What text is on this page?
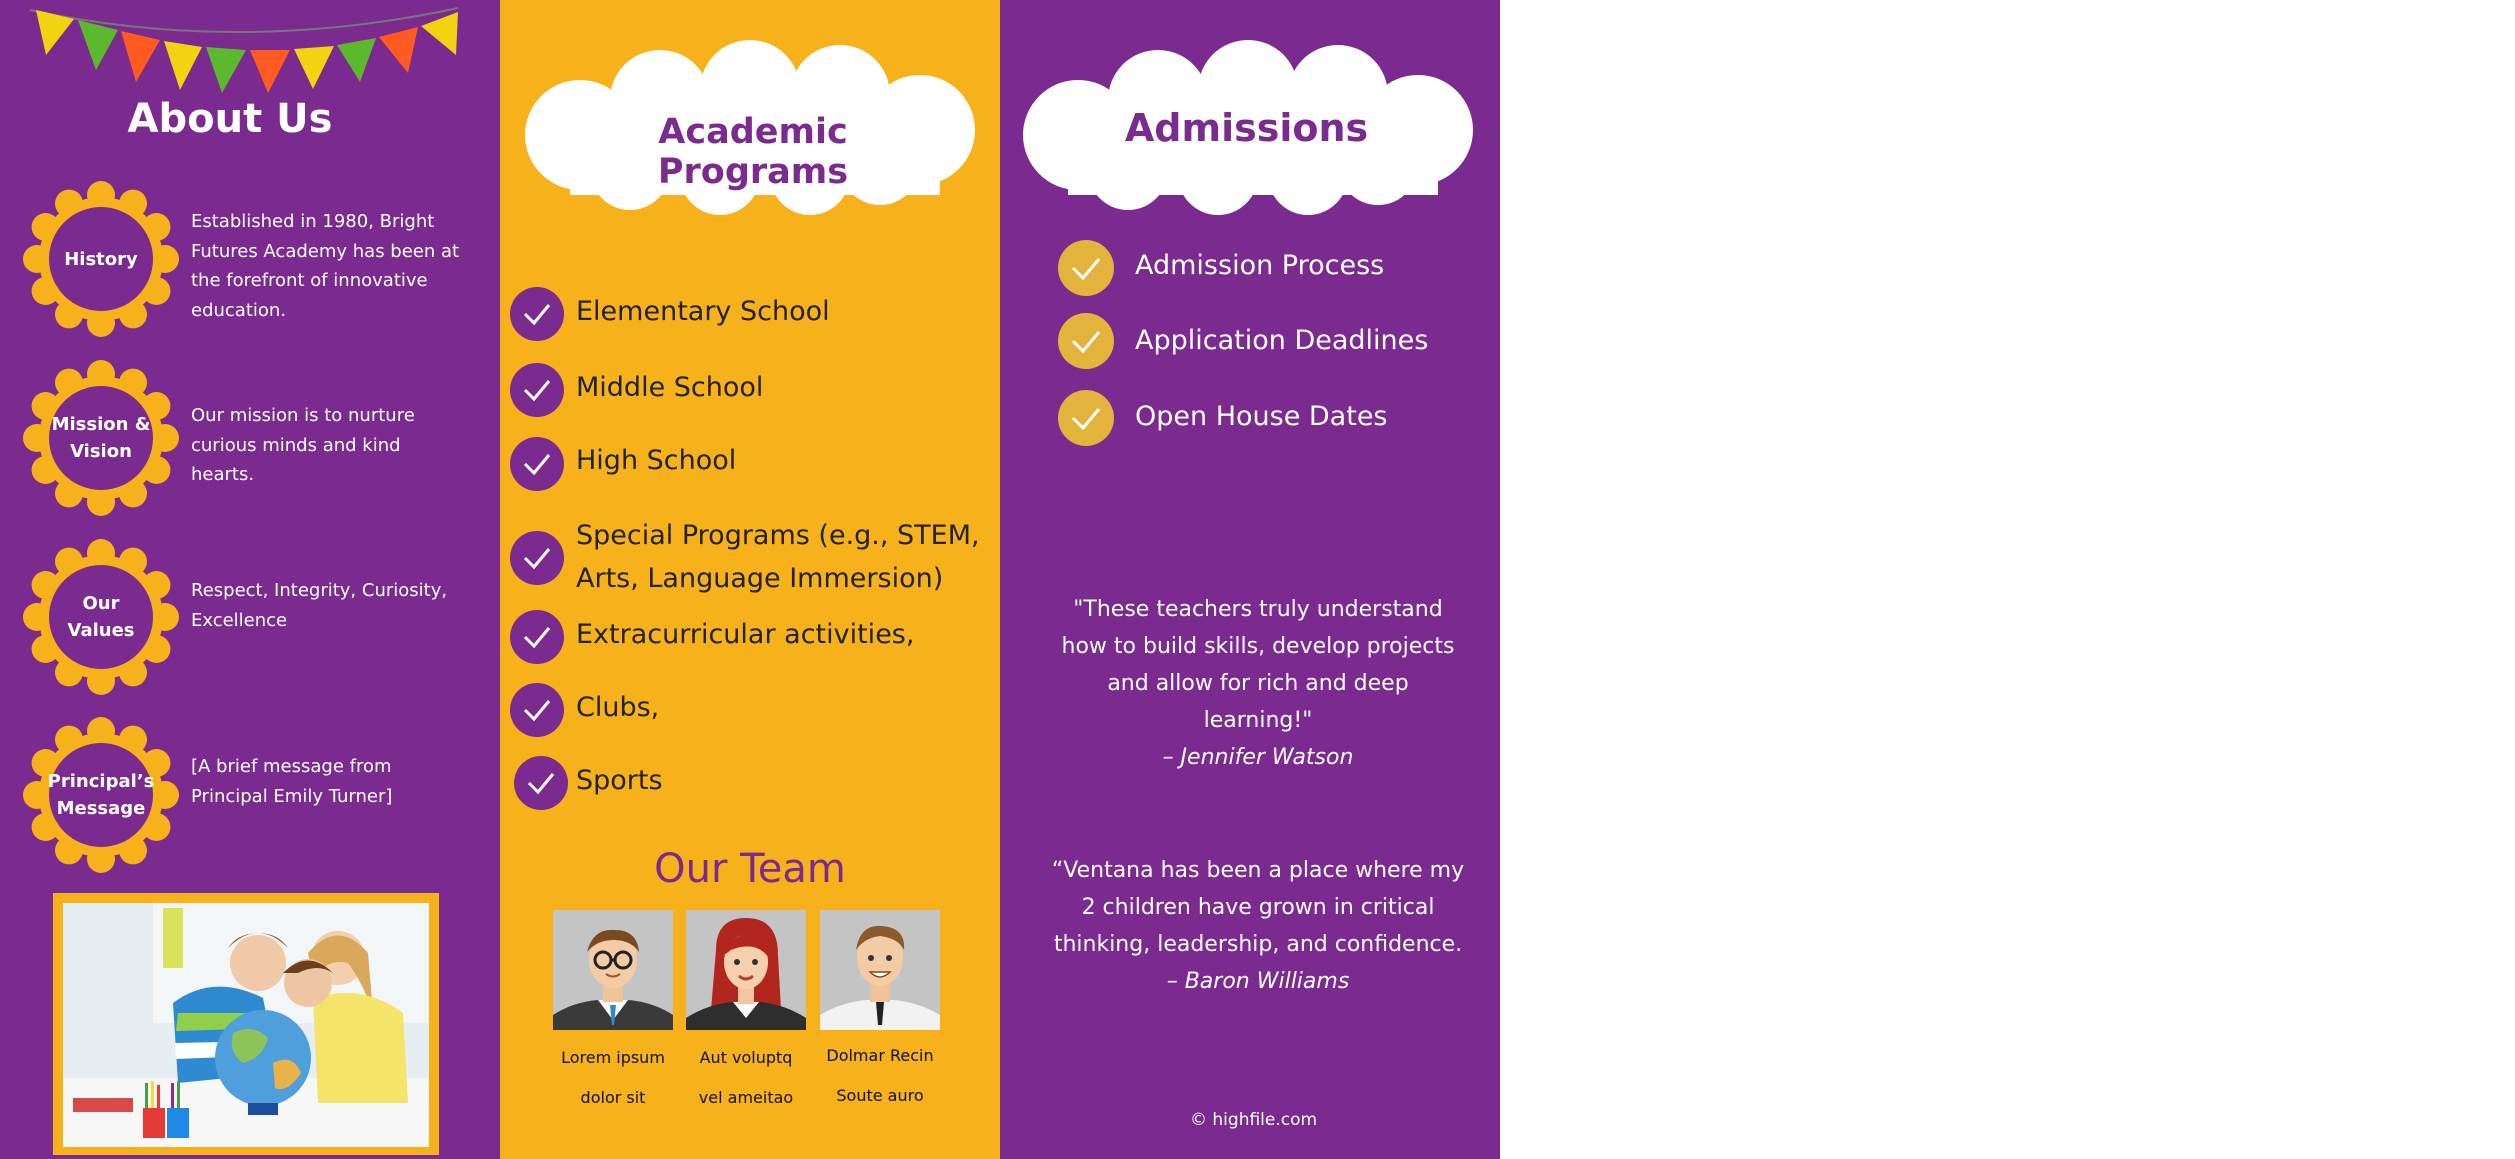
About Us
History
Established in 1980, Bright Futures Academy has been at the forefront of innovative education.
Mission & Vision
Our mission is to nurture curious minds and kind hearts.
Our Values
Respect, Integrity, Curiosity, Excellence
Principal’s Message
[A brief message from Principal Emily Turner]
Academic Programs
Elementary School
Middle School
High School
Special Programs (e.g., STEM, Arts, Language Immersion)
Extracurricular activities,
Clubs,
Sports
Our Team
Lorem ipsum
dolor sit
Aut voluptq
vel ameitao
Dolmar Recin
Soute auro
Admissions
Testimonials:
© highfile.com
Admission Process
Application Deadlines
Open House Dates
"These teachers truly understand how to build skills, develop projects and allow for rich and deep learning!"
– Jennifer Watson
“Ventana has been a place where my 2 children have grown in critical thinking, leadership, and confidence.
– Baron Williams
